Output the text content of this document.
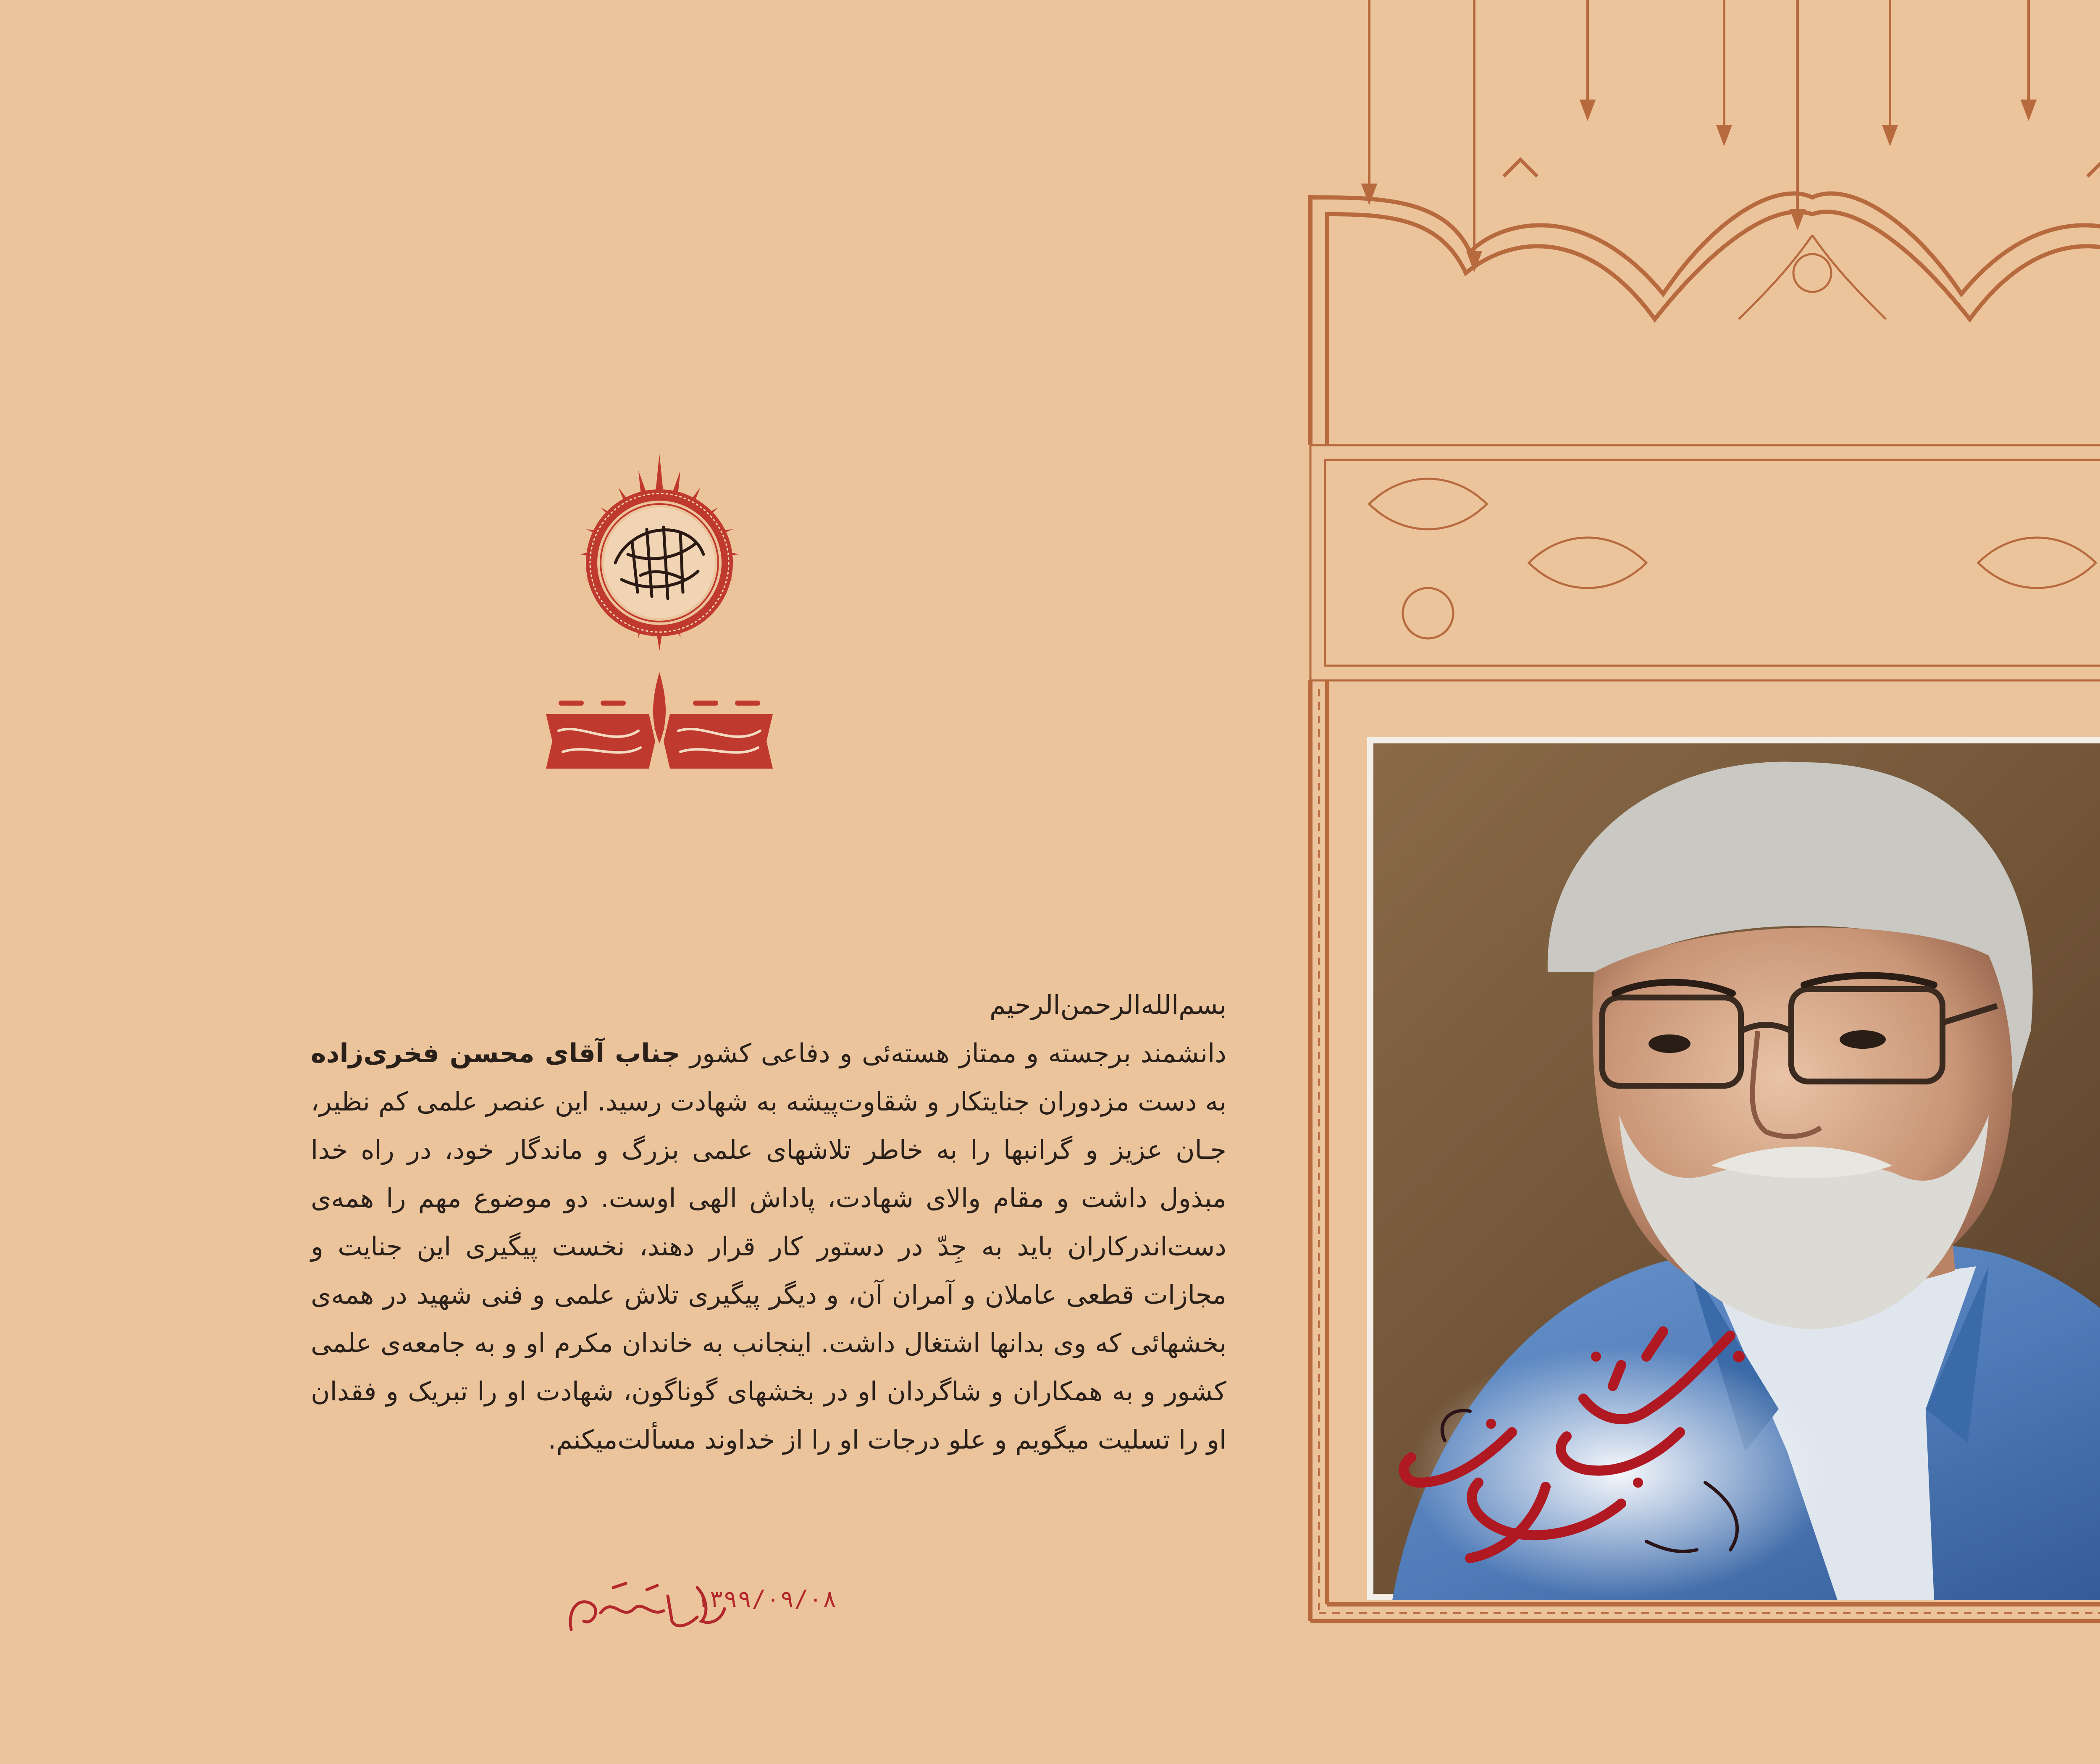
لاتحسبن الذین قتلوا فی سبیل الله امواتا
باز این چه نوحه و چه عزا و چه ماتم است	باز این چه شورش است که در خلق عالم است
بسم‌الله‌الرحمن‌الرحیم

دانشمند برجسته و ممتاز هسته‌ئی و دفاعی کشور جناب آقای محسن فخری‌زاده به دست مزدوران جنایتکار و شقاوت‌پیشه به شهادت رسید. این عنصر علمی کم نظیر، جـان عزیز و گرانبها را به خاطر تلاشهای علمی بزرگ و ماندگار خود، در راه خدا مبذول داشت و مقام والای شهادت، پاداش الهی اوست. دو موضوع مهم را همه‌ی دست‌اندرکاران باید به جِدّ در دستور کار قرار دهند، نخست پیگیری این جنایت و مجازات قطعی عاملان و آمران آن، و دیگر پیگیری تلاش علمی و فنی شهید در همه‌ی بخشهائی که وی بدانها اشتغال داشت. اینجانب به خاندان مکرم او و به جامعه‌ی علمی کشور و به همکاران و شاگردان او در بخشهای گوناگون، شهادت او را تبریک و فقدان او را تسلیت میگویم و علو درجات او را از خداوند مسألت‌میکنم.

۱۳۹۹/۰۹/۰۸
شهید محسن فخری‌زاده
